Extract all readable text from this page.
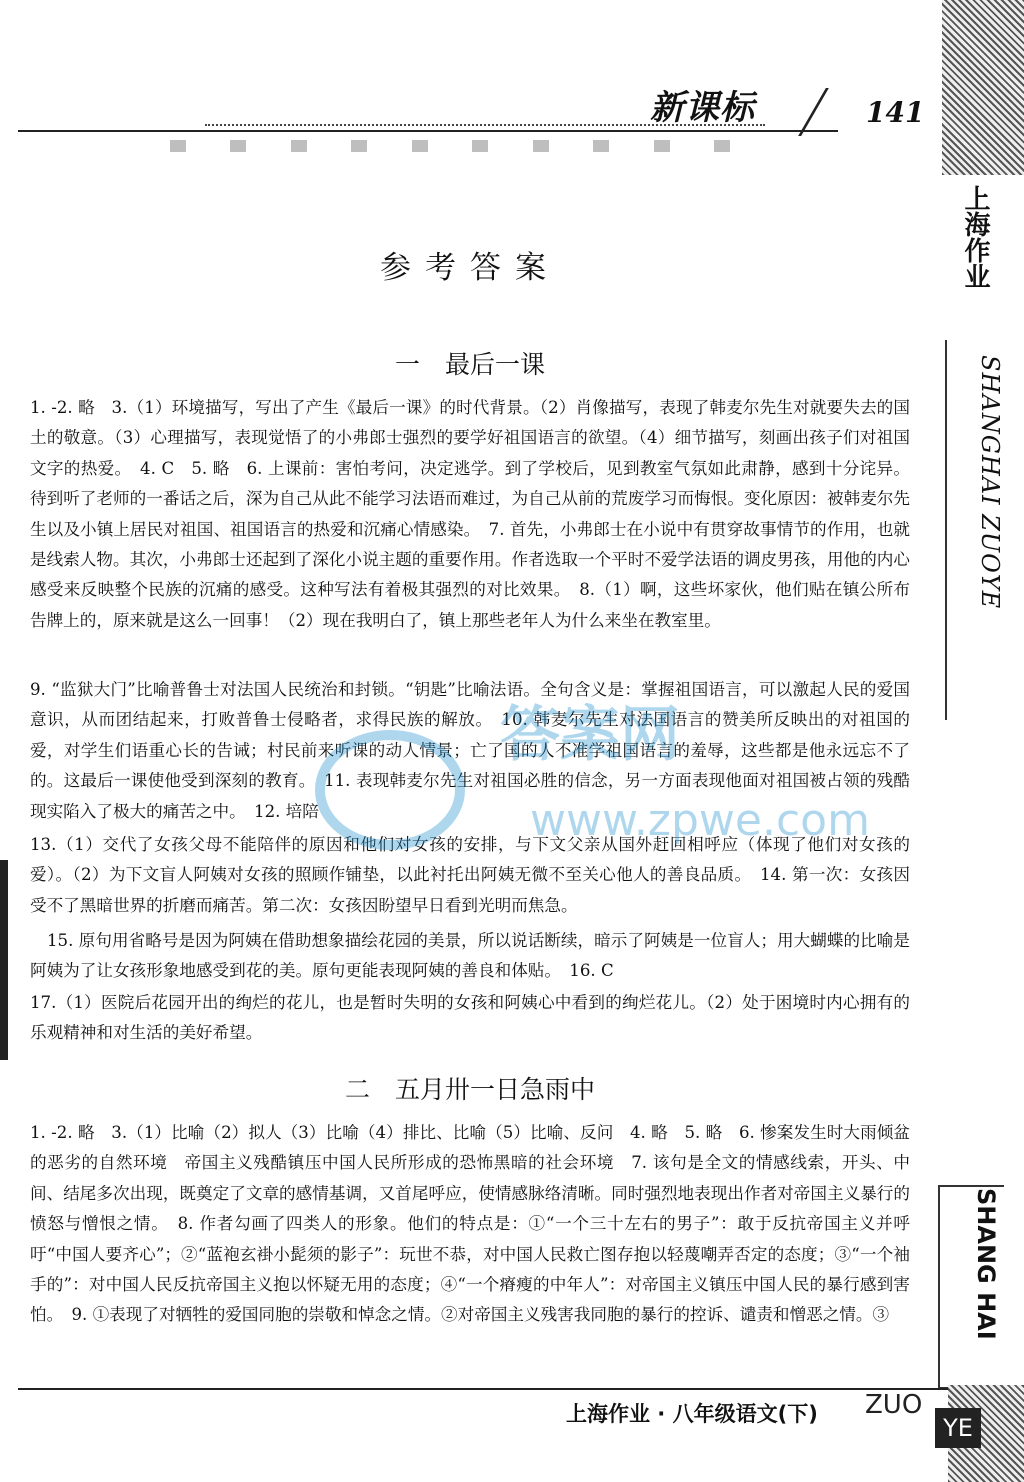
新课标	141
上海作业
SHANGHAI ZUOYE
SHANG HAI
参考答案
一　最后一课
1. -2. 略　3.（1）环境描写，写出了产生《最后一课》的时代背景。（2）肖像描写，表现了韩麦尔先生对就要失去的国土的敬意。（3）心理描写，表现觉悟了的小弗郎士强烈的要学好祖国语言的欲望。（4）细节描写，刻画出孩子们对祖国文字的热爱。　4. C　5. 略　6. 上课前：害怕考问，决定逃学。到了学校后，见到教室气氛如此肃静，感到十分诧异。待到听了老师的一番话之后，深为自己从此不能学习法语而难过，为自己从前的荒废学习而悔恨。变化原因：被韩麦尔先生以及小镇上居民对祖国、祖国语言的热爱和沉痛心情感染。　7. 首先，小弗郎士在小说中有贯穿故事情节的作用，也就是线索人物。其次，小弗郎士还起到了深化小说主题的重要作用。作者选取一个平时不爱学法语的调皮男孩，用他的内心感受来反映整个民族的沉痛的感受。这种写法有着极其强烈的对比效果。　8.（1）啊，这些坏家伙，他们贴在镇公所布告牌上的，原来就是这么一回事！（2）现在我明白了，镇上那些老年人为什么来坐在教室里。
9. “监狱大门”比喻普鲁士对法国人民统治和封锁。“钥匙”比喻法语。全句含义是：掌握祖国语言，可以激起人民的爱国意识，从而团结起来，打败普鲁士侵略者，求得民族的解放。　10. 韩麦尔先生对法国语言的赞美所反映出的对祖国的爱，对学生们语重心长的告诫；村民前来听课的动人情景；亡了国的人不准学祖国语言的羞辱，这些都是他永远忘不了的。这最后一课使他受到深刻的教育。　11. 表现韩麦尔先生对祖国必胜的信念，另一方面表现他面对祖国被占领的残酷现实陷入了极大的痛苦之中。　12. 培陪
13.（1）交代了女孩父母不能陪伴的原因和他们对女孩的安排，与下文父亲从国外赶回相呼应（体现了他们对女孩的爱）。（2）为下文盲人阿姨对女孩的照顾作铺垫，以此衬托出阿姨无微不至关心他人的善良品质。　14. 第一次：女孩因受不了黑暗世界的折磨而痛苦。第二次：女孩因盼望早日看到光明而焦急。
15. 原句用省略号是因为阿姨在借助想象描绘花园的美景，所以说话断续，暗示了阿姨是一位盲人；用大蝴蝶的比喻是阿姨为了让女孩形象地感受到花的美。原句更能表现阿姨的善良和体贴。　16. C
17.（1）医院后花园开出的绚烂的花儿，也是暂时失明的女孩和阿姨心中看到的绚烂花儿。（2）处于困境时内心拥有的乐观精神和对生活的美好希望。
二　五月卅一日急雨中
1. -2. 略　3.（1）比喻（2）拟人（3）比喻（4）排比、比喻（5）比喻、反问　4. 略　5. 略　6. 惨案发生时大雨倾盆的恶劣的自然环境　帝国主义残酷镇压中国人民所形成的恐怖黑暗的社会环境　7. 该句是全文的情感线索，开头、中间、结尾多次出现，既奠定了文章的感情基调，又首尾呼应，使情感脉络清晰。同时强烈地表现出作者对帝国主义暴行的愤怒与憎恨之情。　8. 作者勾画了四类人的形象。他们的特点是：①“一个三十左右的男子”：敢于反抗帝国主义并呼吁“中国人要齐心”；②“蓝袍玄褂小髭须的影子”：玩世不恭，对中国人民救亡图存抱以轻蔑嘲弄否定的态度；③“一个袖手的”：对中国人民反抗帝国主义抱以怀疑无用的态度；④“一个瘠瘦的中年人”：对帝国主义镇压中国人民的暴行感到害怕。　9. ①表现了对牺牲的爱国同胞的崇敬和悼念之情。②对帝国主义残害我同胞的暴行的控诉、谴责和憎恶之情。③
答案网
www.zpwe.com
上海作业 · 八年级语文(下) ZUO
YE
